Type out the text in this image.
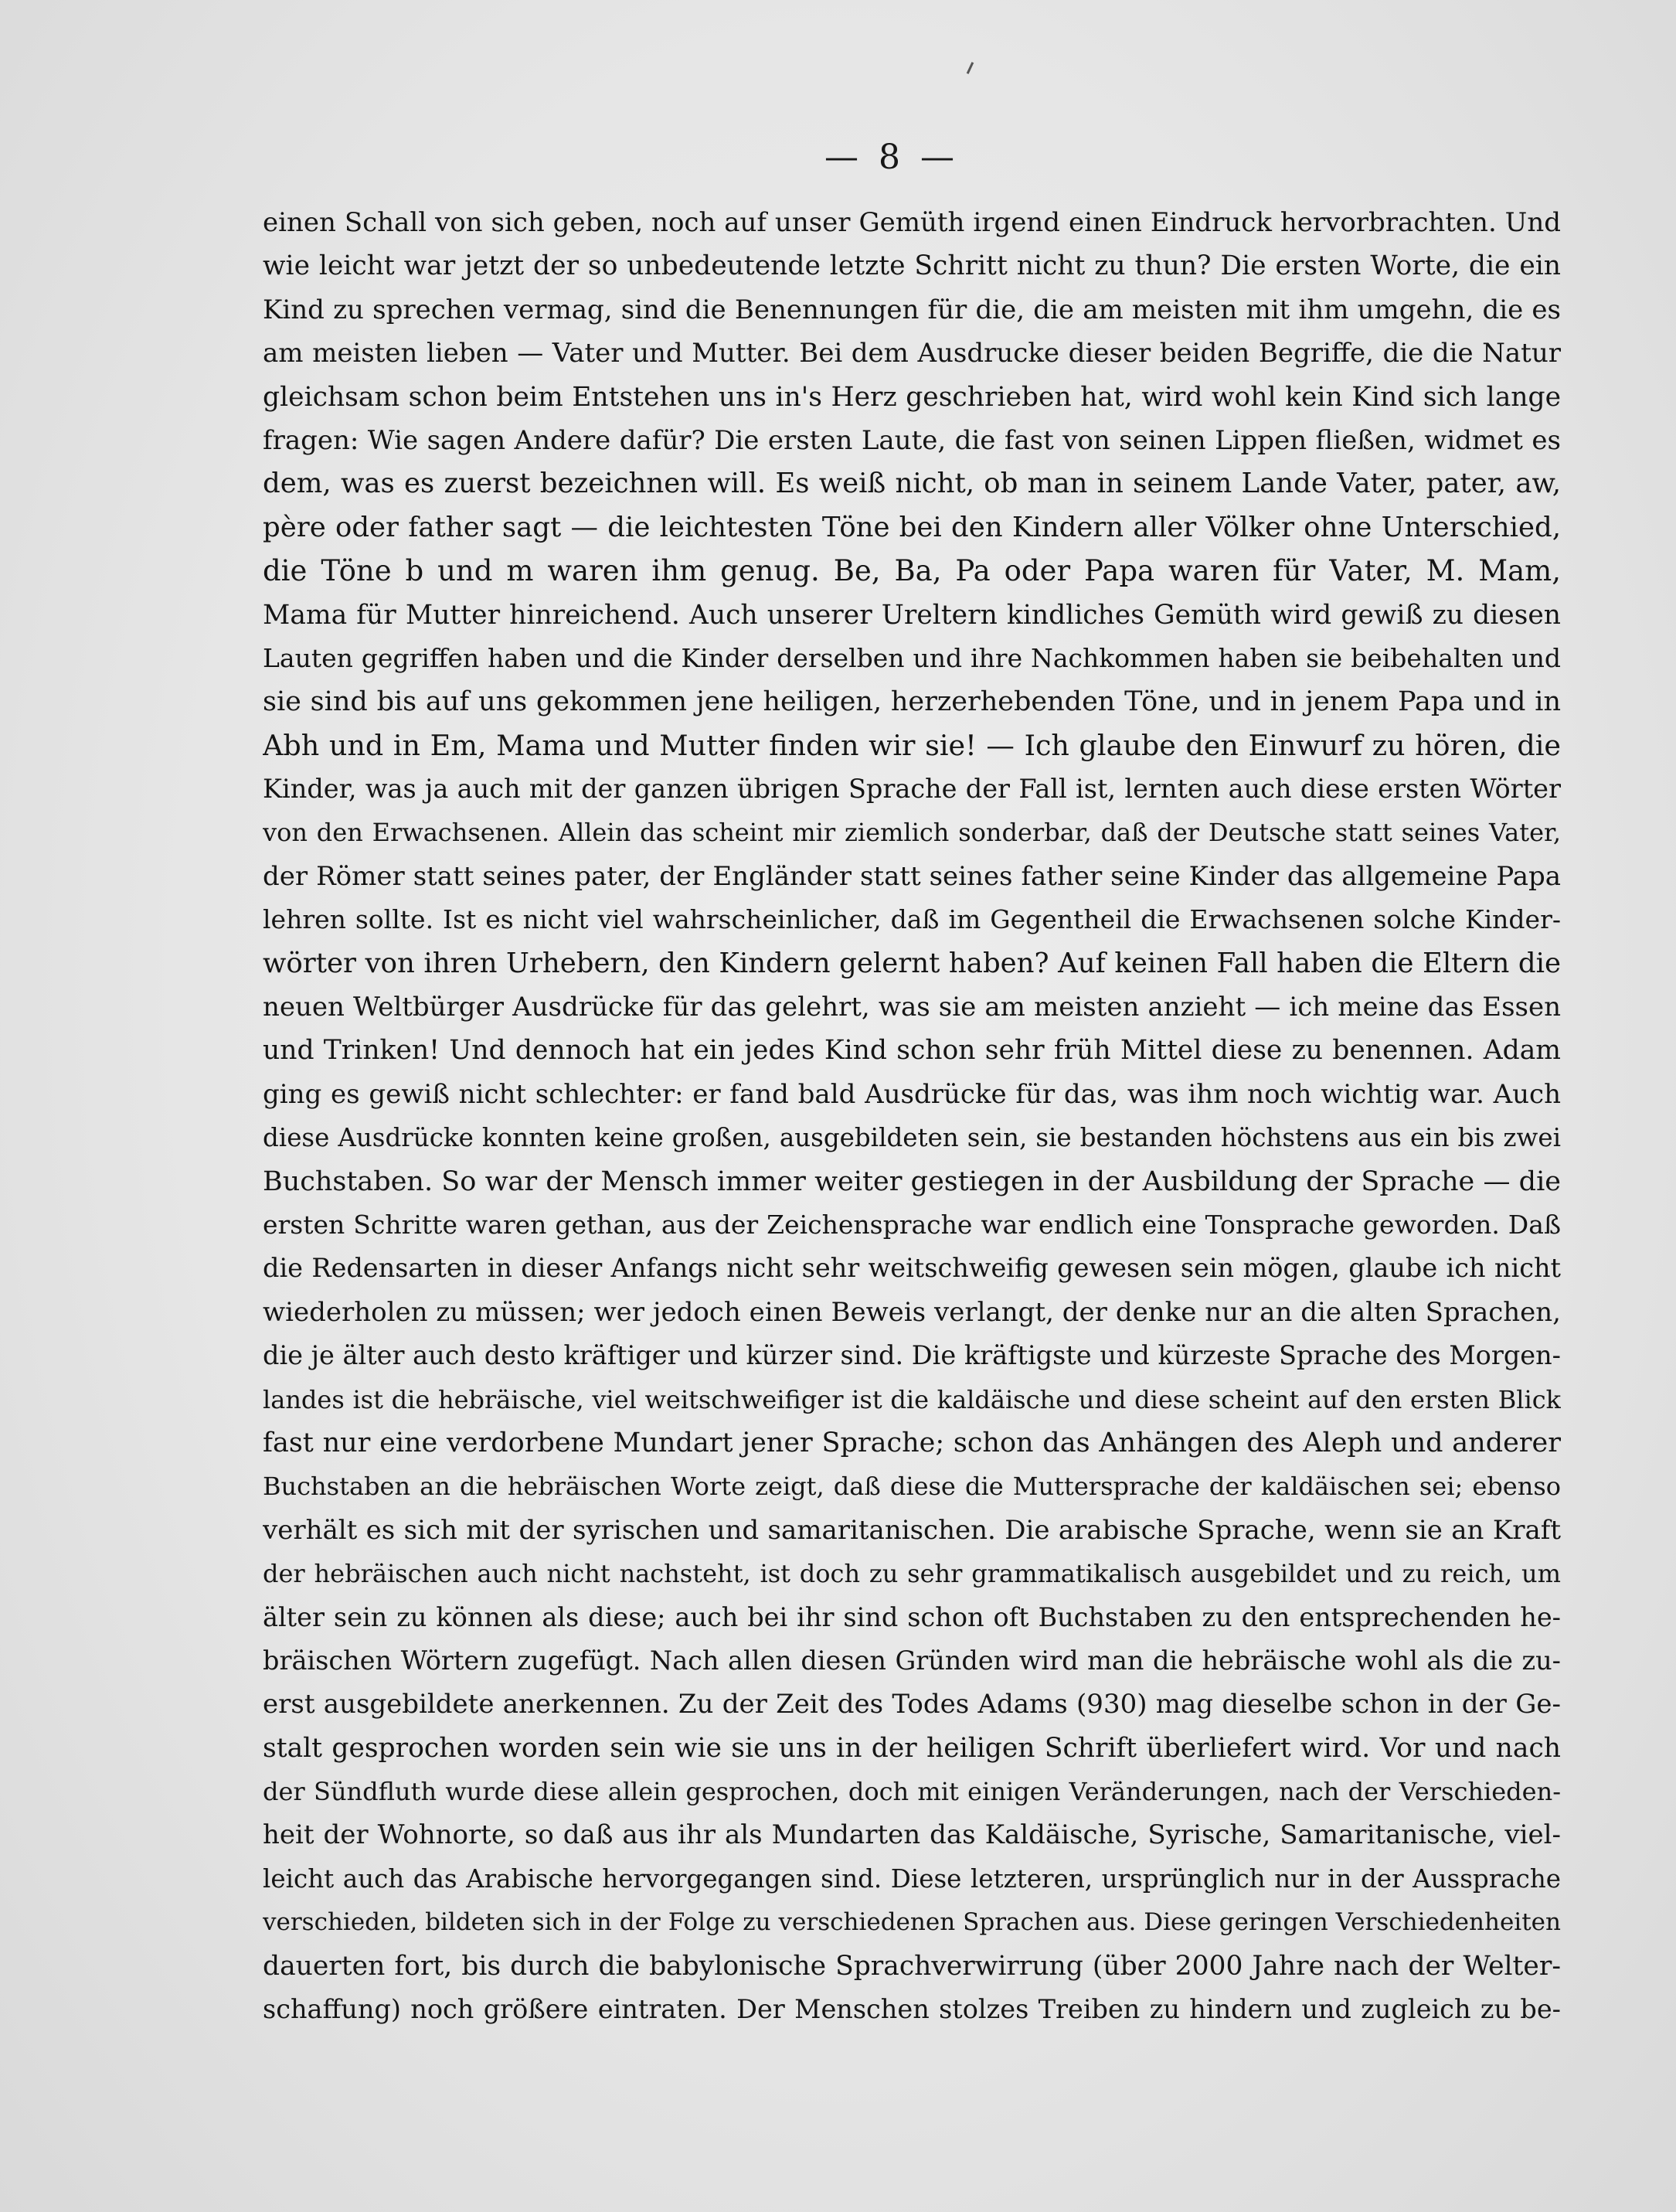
— 8 —
einen Schall von sich geben, noch auf unser Gemüth irgend einen Eindruck hervorbrachten. Und
wie leicht war jetzt der so unbedeutende letzte Schritt nicht zu thun? Die ersten Worte, die ein
Kind zu sprechen vermag, sind die Benennungen für die, die am meisten mit ihm umgehn, die es
am meisten lieben — Vater und Mutter. Bei dem Ausdrucke dieser beiden Begriffe, die die Natur
gleichsam schon beim Entstehen uns in's Herz geschrieben hat, wird wohl kein Kind sich lange
fragen: Wie sagen Andere dafür? Die ersten Laute, die fast von seinen Lippen fließen, widmet es
dem, was es zuerst bezeichnen will. Es weiß nicht, ob man in seinem Lande Vater, pater, aw,
père oder father sagt — die leichtesten Töne bei den Kindern aller Völker ohne Unterschied,
die Töne b und m waren ihm genug. Be, Ba, Pa oder Papa waren für Vater, M. Mam,
Mama für Mutter hinreichend. Auch unserer Ureltern kindliches Gemüth wird gewiß zu diesen
Lauten gegriffen haben und die Kinder derselben und ihre Nachkommen haben sie beibehalten und
sie sind bis auf uns gekommen jene heiligen, herzerhebenden Töne, und in jenem Papa und in
Abh und in Em, Mama und Mutter finden wir sie! — Ich glaube den Einwurf zu hören, die
Kinder, was ja auch mit der ganzen übrigen Sprache der Fall ist, lernten auch diese ersten Wörter
von den Erwachsenen. Allein das scheint mir ziemlich sonderbar, daß der Deutsche statt seines Vater,
der Römer statt seines pater, der Engländer statt seines father seine Kinder das allgemeine Papa
lehren sollte. Ist es nicht viel wahrscheinlicher, daß im Gegentheil die Erwachsenen solche Kinder-
wörter von ihren Urhebern, den Kindern gelernt haben? Auf keinen Fall haben die Eltern die
neuen Weltbürger Ausdrücke für das gelehrt, was sie am meisten anzieht — ich meine das Essen
und Trinken! Und dennoch hat ein jedes Kind schon sehr früh Mittel diese zu benennen. Adam
ging es gewiß nicht schlechter: er fand bald Ausdrücke für das, was ihm noch wichtig war. Auch
diese Ausdrücke konnten keine großen, ausgebildeten sein, sie bestanden höchstens aus ein bis zwei
Buchstaben. So war der Mensch immer weiter gestiegen in der Ausbildung der Sprache — die
ersten Schritte waren gethan, aus der Zeichensprache war endlich eine Tonsprache geworden. Daß
die Redensarten in dieser Anfangs nicht sehr weitschweifig gewesen sein mögen, glaube ich nicht
wiederholen zu müssen; wer jedoch einen Beweis verlangt, der denke nur an die alten Sprachen,
die je älter auch desto kräftiger und kürzer sind. Die kräftigste und kürzeste Sprache des Morgen-
landes ist die hebräische, viel weitschweifiger ist die kaldäische und diese scheint auf den ersten Blick
fast nur eine verdorbene Mundart jener Sprache; schon das Anhängen des Aleph und anderer
Buchstaben an die hebräischen Worte zeigt, daß diese die Muttersprache der kaldäischen sei; ebenso
verhält es sich mit der syrischen und samaritanischen. Die arabische Sprache, wenn sie an Kraft
der hebräischen auch nicht nachsteht, ist doch zu sehr grammatikalisch ausgebildet und zu reich, um
älter sein zu können als diese; auch bei ihr sind schon oft Buchstaben zu den entsprechenden he-
bräischen Wörtern zugefügt. Nach allen diesen Gründen wird man die hebräische wohl als die zu-
erst ausgebildete anerkennen. Zu der Zeit des Todes Adams (930) mag dieselbe schon in der Ge-
stalt gesprochen worden sein wie sie uns in der heiligen Schrift überliefert wird. Vor und nach
der Sündfluth wurde diese allein gesprochen, doch mit einigen Veränderungen, nach der Verschieden-
heit der Wohnorte, so daß aus ihr als Mundarten das Kaldäische, Syrische, Samaritanische, viel-
leicht auch das Arabische hervorgegangen sind. Diese letzteren, ursprünglich nur in der Aussprache
verschieden, bildeten sich in der Folge zu verschiedenen Sprachen aus. Diese geringen Verschiedenheiten
dauerten fort, bis durch die babylonische Sprachverwirrung (über 2000 Jahre nach der Welter-
schaffung) noch größere eintraten. Der Menschen stolzes Treiben zu hindern und zugleich zu be-
